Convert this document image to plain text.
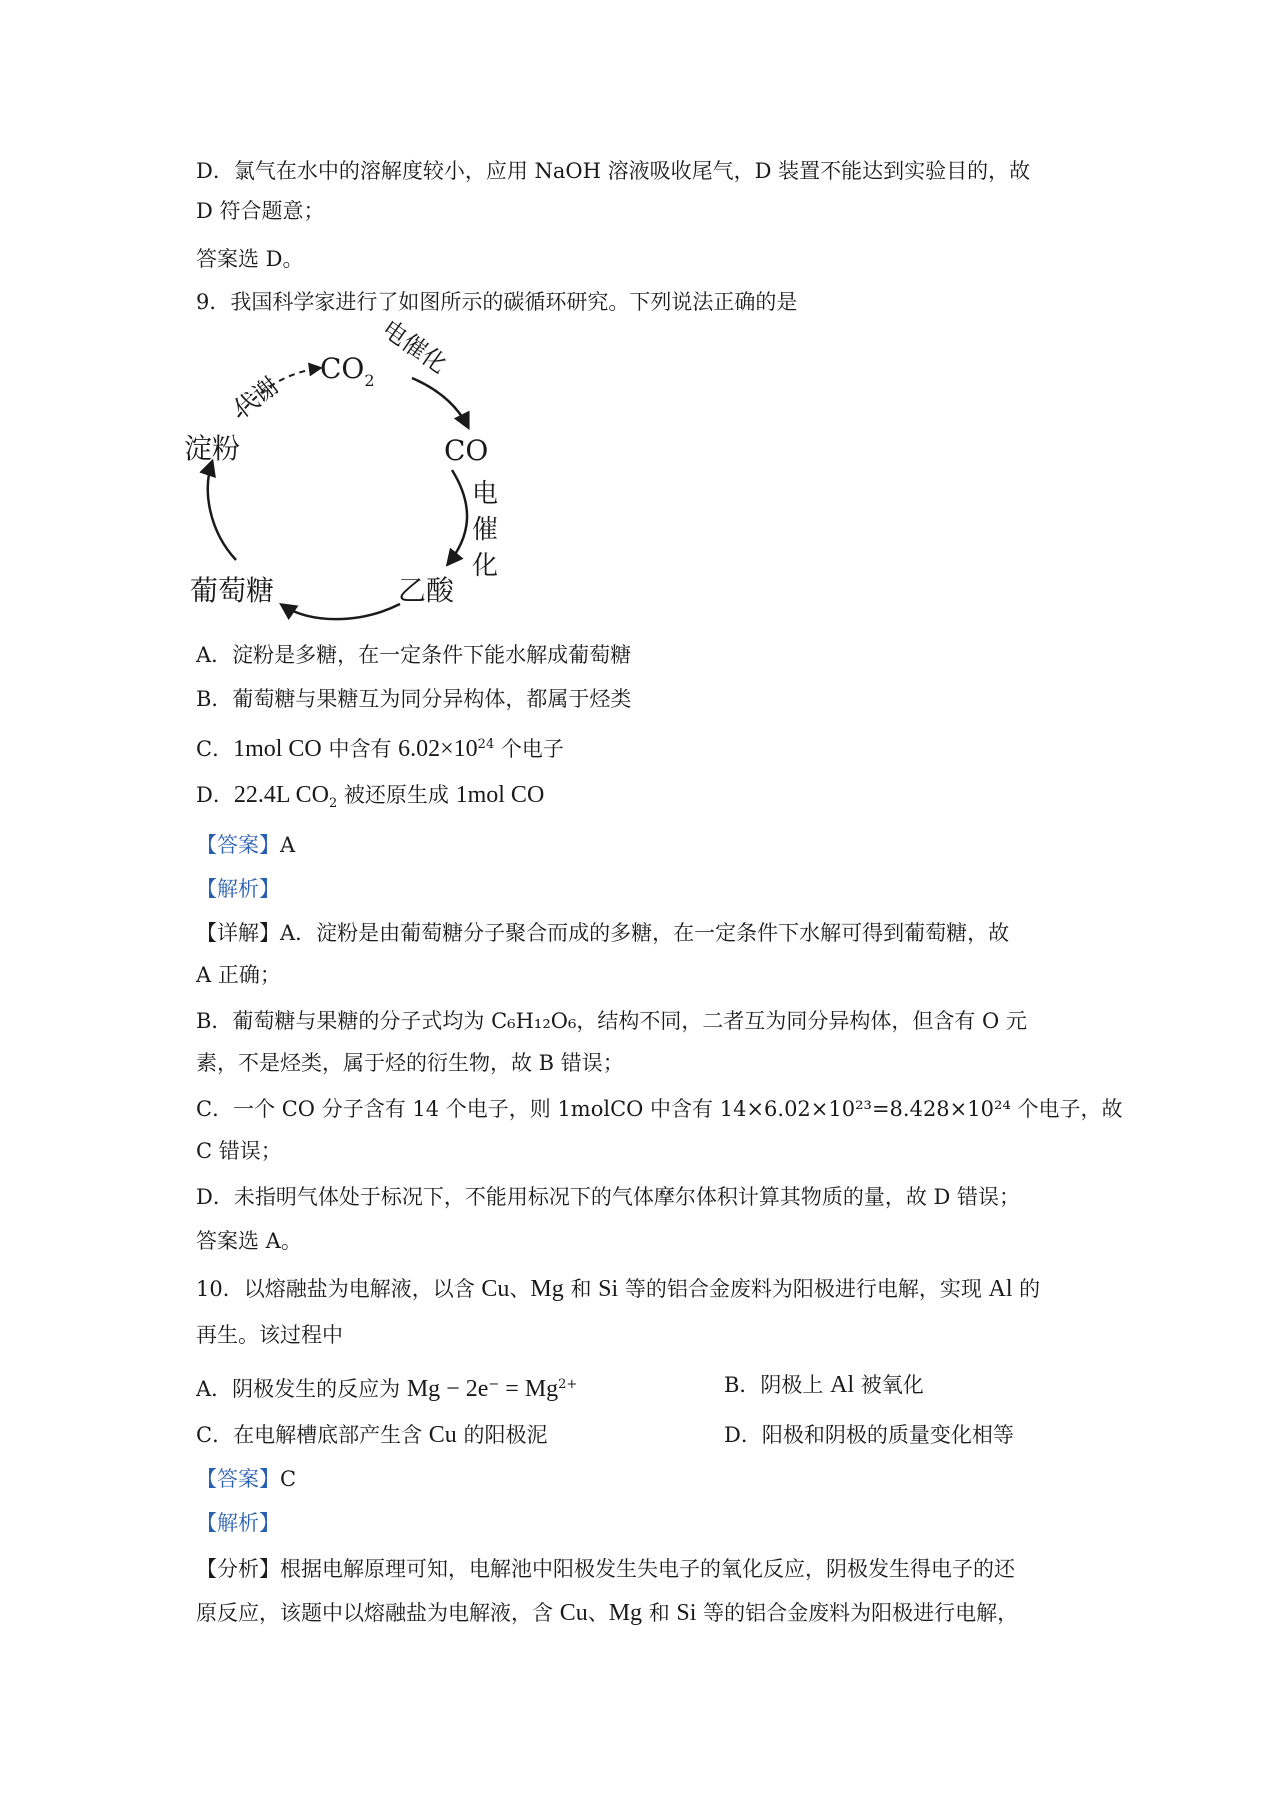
D．氯气在水中的溶解度较小，应用 NaOH 溶液吸收尾气，D 装置不能达到实验目的，故
D 符合题意；
答案选 D。
9．我国科学家进行了如图所示的碳循环研究。下列说法正确的是
$CO_2$
电催化
代谢
CO
电
催
化
淀粉
乙酸
葡萄糖
A．淀粉是多糖，在一定条件下能水解成葡萄糖
B．葡萄糖与果糖互为同分异构体，都属于烃类
C．1mol CO 中含有 $6.02\times 10^{24}$ 个电子
D．22.4L $CO_2$ 被还原生成 1mol CO
【答案】A
【解析】
【详解】A．淀粉是由葡萄糖分子聚合而成的多糖，在一定条件下水解可得到葡萄糖，故
A 正确；
B．葡萄糖与果糖的分子式均为 C₆H₁₂O₆，结构不同，二者互为同分异构体，但含有 O 元
素，不是烃类，属于烃的衍生物，故 B 错误；
C．一个 CO 分子含有 14 个电子，则 1molCO 中含有 14×6.02×10²³=8.428×10²⁴ 个电子，故
C 错误；
D．未指明气体处于标况下，不能用标况下的气体摩尔体积计算其物质的量，故 D 错误；
答案选 A。
10．以熔融盐为电解液，以含 Cu、Mg 和 Si 等的铝合金废料为阳极进行电解，实现 Al 的
再生。该过程中
A．阴极发生的反应为 $Mg - 2e^- = Mg^{2+}$	B．阴极上 Al 被氧化
C．在电解槽底部产生含 Cu 的阳极泥	D．阳极和阴极的质量变化相等
【答案】C
【解析】
【分析】根据电解原理可知，电解池中阳极发生失电子的氧化反应，阴极发生得电子的还
原反应，该题中以熔融盐为电解液，含 Cu、Mg 和 Si 等的铝合金废料为阳极进行电解，
